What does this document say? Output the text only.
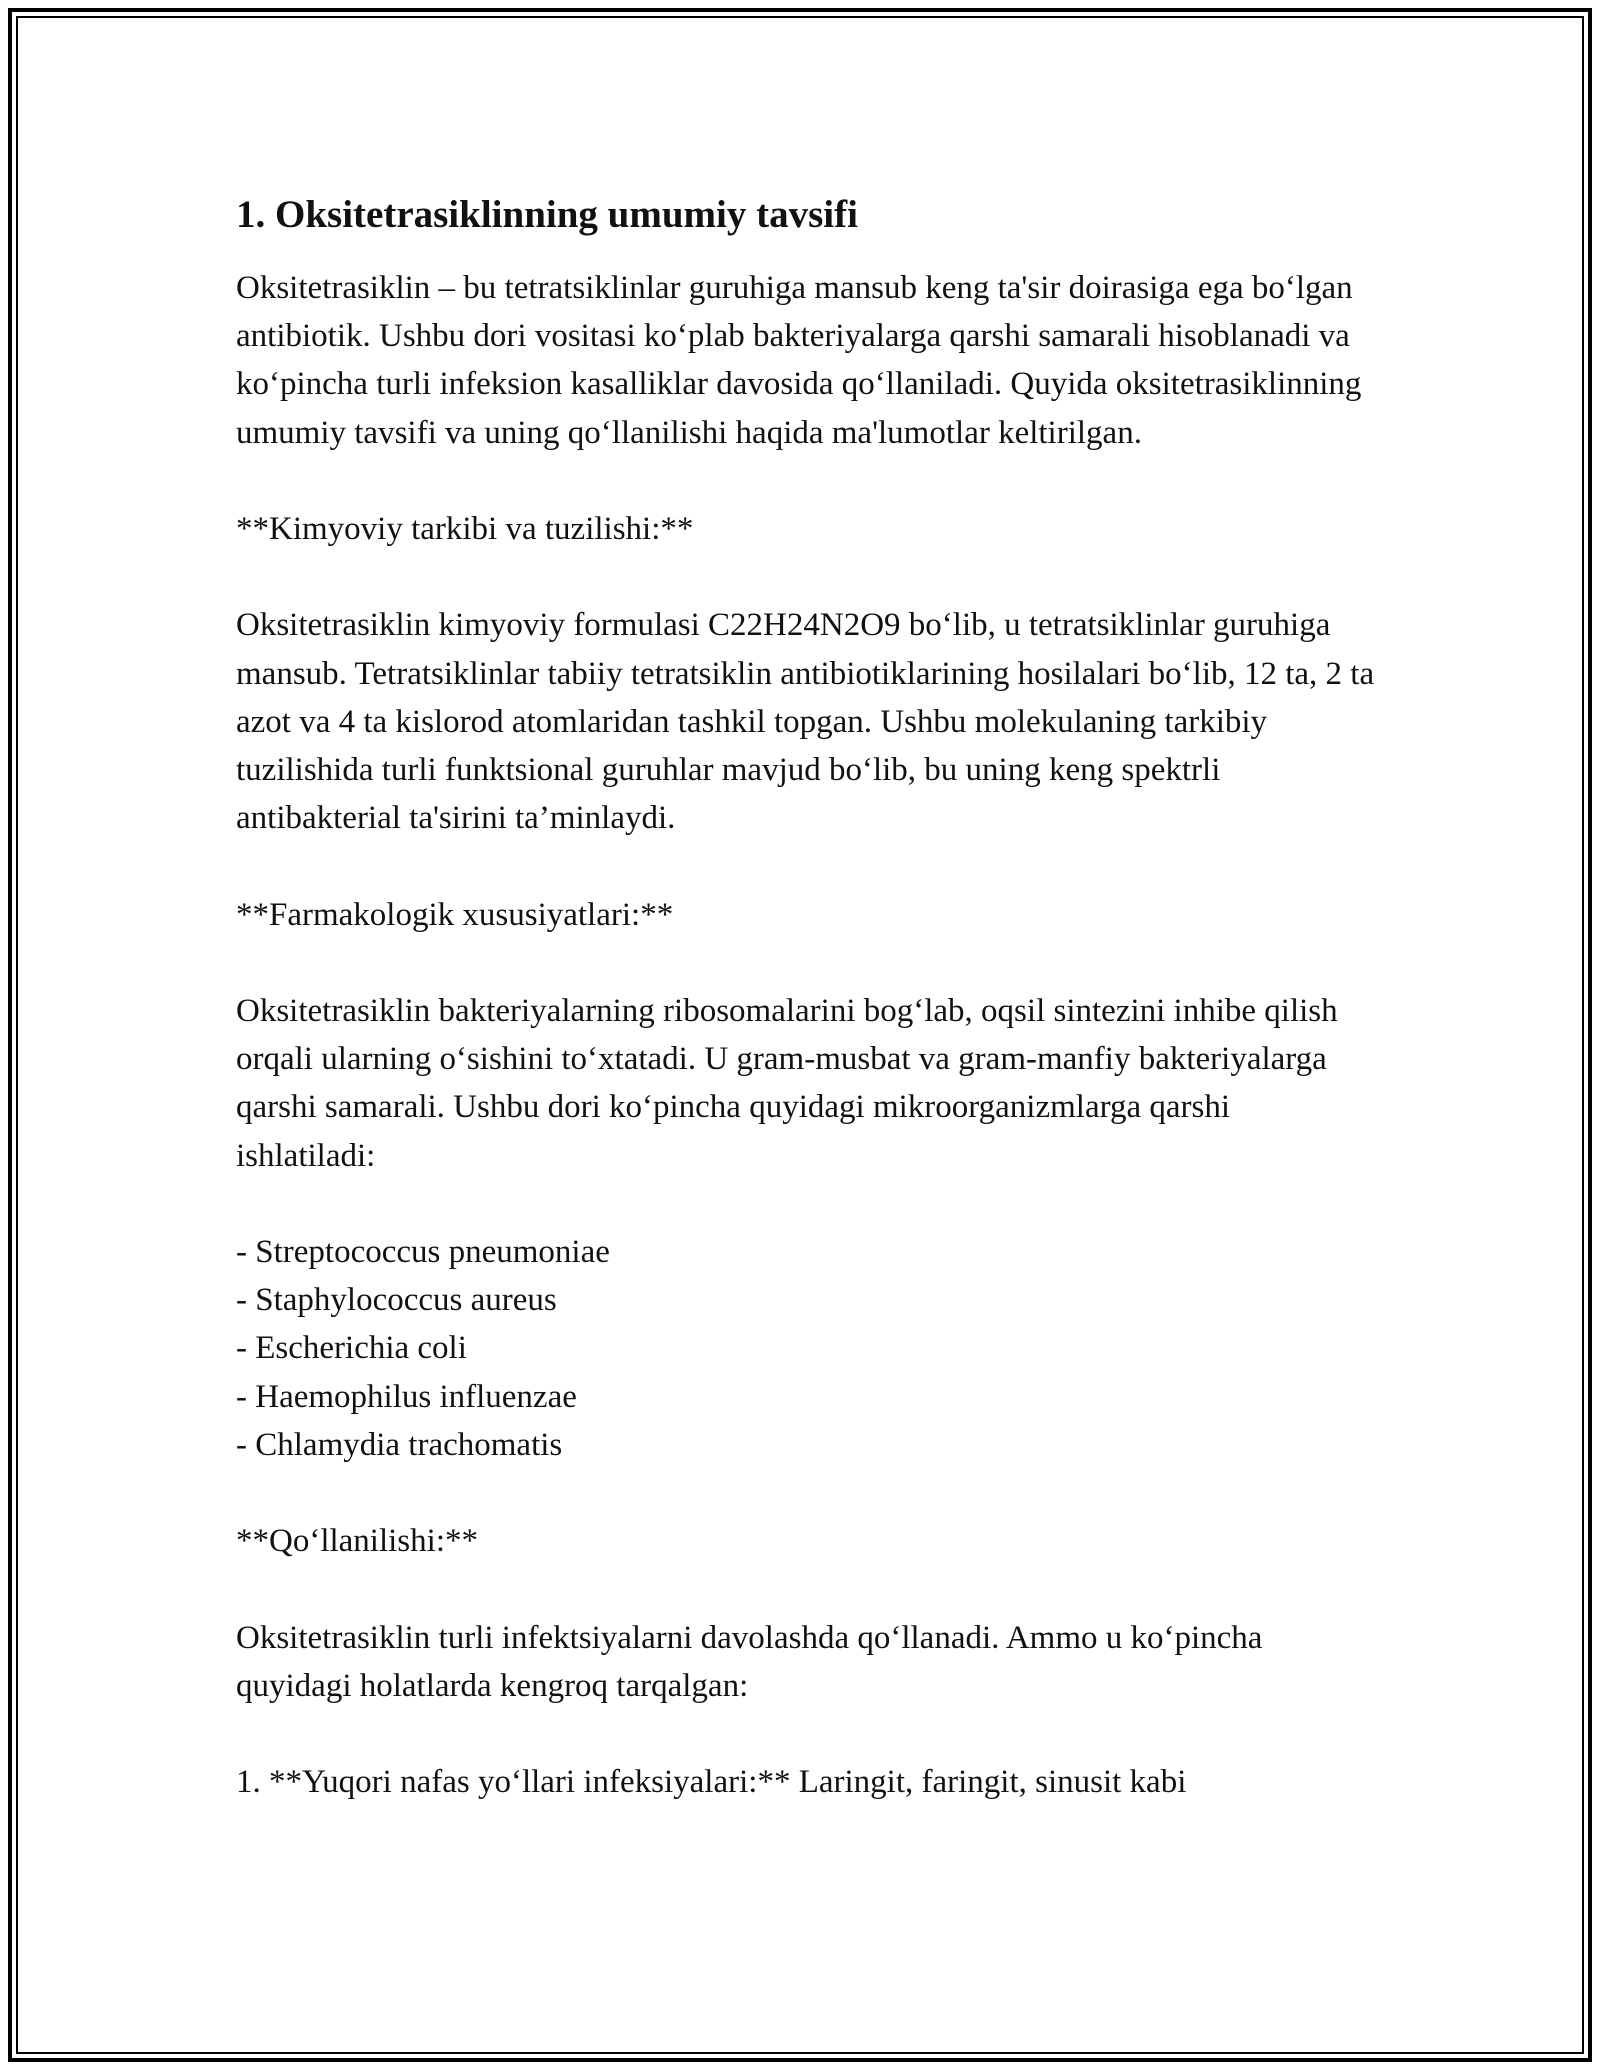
1. Oksitetrasiklinning umumiy tavsifi

Oksitetrasiklin – bu tetratsiklinlar guruhiga mansub keng ta'sir doirasiga ega bo‘lgan antibiotik. Ushbu dori vositasi ko‘plab bakteriyalarga qarshi samarali hisoblanadi va ko‘pincha turli infeksion kasalliklar davosida qo‘llaniladi. Quyida oksitetrasiklinning umumiy tavsifi va uning qo‘llanilishi haqida ma'lumotlar keltirilgan.

**Kimyoviy tarkibi va tuzilishi:**

Oksitetrasiklin kimyoviy formulasi C22H24N2O9 bo‘lib, u tetratsiklinlar guruhiga mansub. Tetratsiklinlar tabiiy tetratsiklin antibiotiklarining hosilalari bo‘lib, 12 ta, 2 ta azot va 4 ta kislorod atomlaridan tashkil topgan. Ushbu molekulaning tarkibiy tuzilishida turli funktsional guruhlar mavjud bo‘lib, bu uning keng spektrli antibakterial ta'sirini ta’minlaydi.

**Farmakologik xususiyatlari:**

Oksitetrasiklin bakteriyalarning ribosomalarini bog‘lab, oqsil sintezini inhibe qilish orqali ularning o‘sishini to‘xtatadi. U gram-musbat va gram-manfiy bakteriyalarga qarshi samarali. Ushbu dori ko‘pincha quyidagi mikroorganizmlarga qarshi ishlatiladi:

- Streptococcus pneumoniae
- Staphylococcus aureus
- Escherichia coli
- Haemophilus influenzae
- Chlamydia trachomatis

**Qo‘llanilishi:**

Oksitetrasiklin turli infektsiyalarni davolashda qo‘llanadi. Ammo u ko‘pincha quyidagi holatlarda kengroq tarqalgan:

1. **Yuqori nafas yo‘llari infeksiyalari:** Laringit, faringit, sinusit kabi
